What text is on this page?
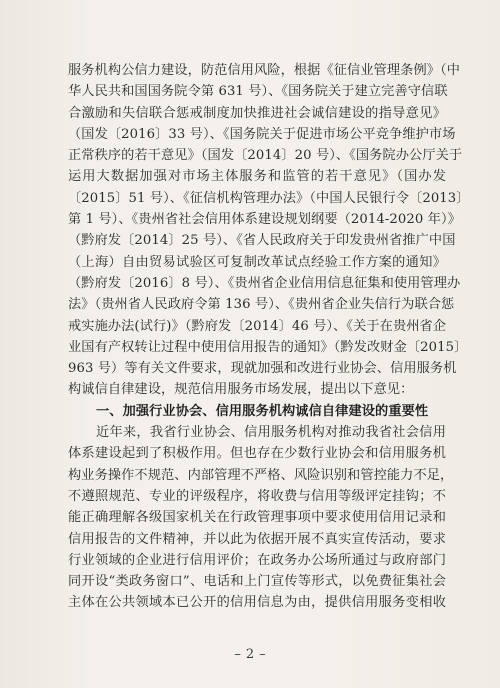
服务机构公信力建设，防范信用风险，根据《征信业管理条例》（中
华人民共和国国务院令第 631 号）、《国务院关于建立完善守信联
合激励和失信联合惩戒制度加快推进社会诚信建设的指导意见》
（国发〔2016〕33 号）、《国务院关于促进市场公平竞争维护市场
正常秩序的若干意见》（国发〔2014〕20 号）、《国务院办公厅关于
运用大数据加强对市场主体服务和监管的若干意见》（国办发
〔2015〕51 号）、《征信机构管理办法》（中国人民银行令〔2013〕
第 1 号）、《贵州省社会信用体系建设规划纲要（2014-2020 年）》
（黔府发〔2014〕25 号）、《省人民政府关于印发贵州省推广中国
（上海）自由贸易试验区可复制改革试点经验工作方案的通知》
（黔府发〔2016〕8 号）、《贵州省企业信用信息征集和使用管理办
法》（贵州省人民政府令第 136 号）、《贵州省企业失信行为联合惩
戒实施办法(试行)》（黔府发〔2014〕46 号）、《关于在贵州省企
业国有产权转让过程中使用信用报告的通知》（黔发改财金〔2015〕
963 号）等有关文件要求，现就加强和改进行业协会、信用服务机
构诚信自律建设，规范信用服务市场发展，提出以下意见：
一、加强行业协会、信用服务机构诚信自律建设的重要性
近年来，我省行业协会、信用服务机构对推动我省社会信用
体系建设起到了积极作用。但也存在少数行业协会和信用服务机
构业务操作不规范、内部管理不严格、风险识别和管控能力不足，
不遵照规范、专业的评级程序，将收费与信用等级评定挂钩；不
能正确理解各级国家机关在行政管理事项中要求使用信用记录和
信用报告的文件精神，并以此为依据开展不真实宣传活动，要求
行业领域的企业进行信用评价；在政务办公场所通过与政府部门
同开设“类政务窗口”、电话和上门宣传等形式，以免费征集社会
主体在公共领域本已公开的信用信息为由，提供信用服务变相收
– 2 –
